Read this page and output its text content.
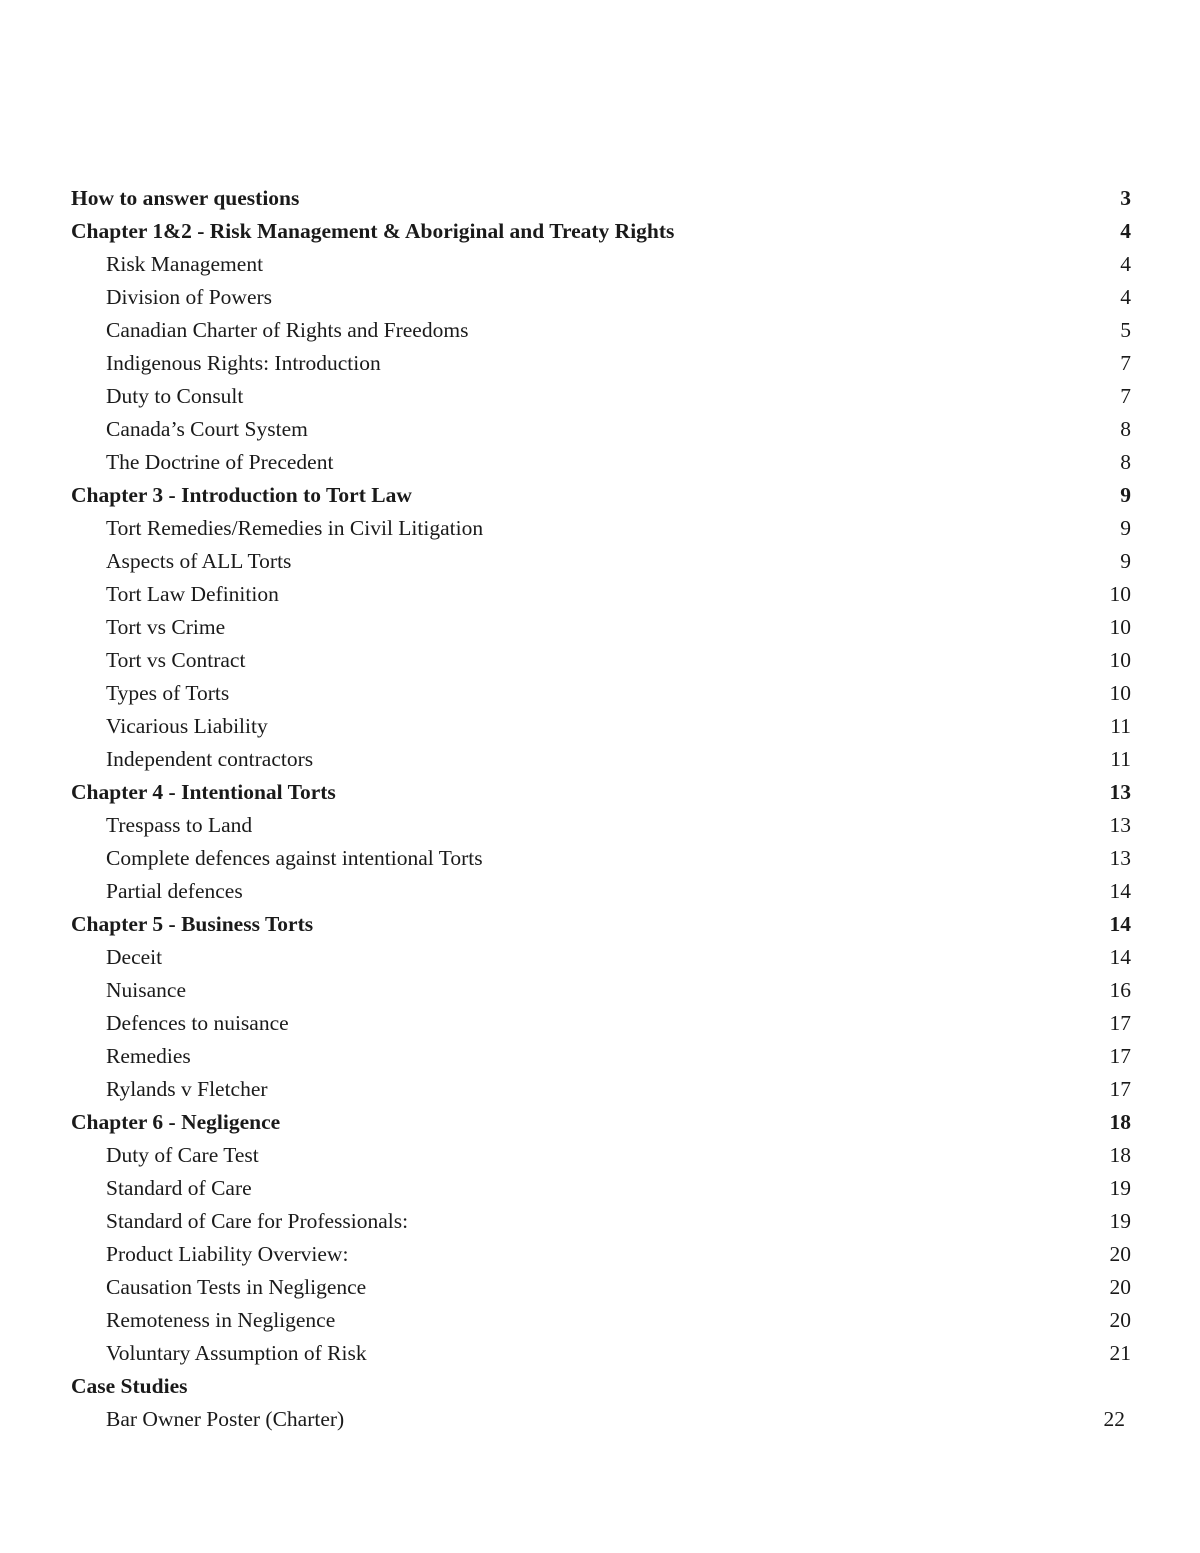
How to answer questions	3
Chapter 1&2 - Risk Management & Aboriginal and Treaty Rights	4
Risk Management	4
Division of Powers	4
Canadian Charter of Rights and Freedoms	5
Indigenous Rights: Introduction	7
Duty to Consult	7
Canada’s Court System	8
The Doctrine of Precedent	8
Chapter 3 - Introduction to Tort Law	9
Tort Remedies/Remedies in Civil Litigation	9
Aspects of ALL Torts	9
Tort Law Definition	10
Tort vs Crime	10
Tort vs Contract	10
Types of Torts	10
Vicarious Liability	11
Independent contractors	11
Chapter 4 - Intentional Torts	13
Trespass to Land	13
Complete defences against intentional Torts	13
Partial defences	14
Chapter 5 - Business Torts	14
Deceit	14
Nuisance	16
Defences to nuisance	17
Remedies	17
Rylands v Fletcher	17
Chapter 6 - Negligence	18
Duty of Care Test	18
Standard of Care	19
Standard of Care for Professionals:	19
Product Liability Overview:	20
Causation Tests in Negligence	20
Remoteness in Negligence	20
Voluntary Assumption of Risk	21
Case Studies
Bar Owner Poster (Charter)	22
